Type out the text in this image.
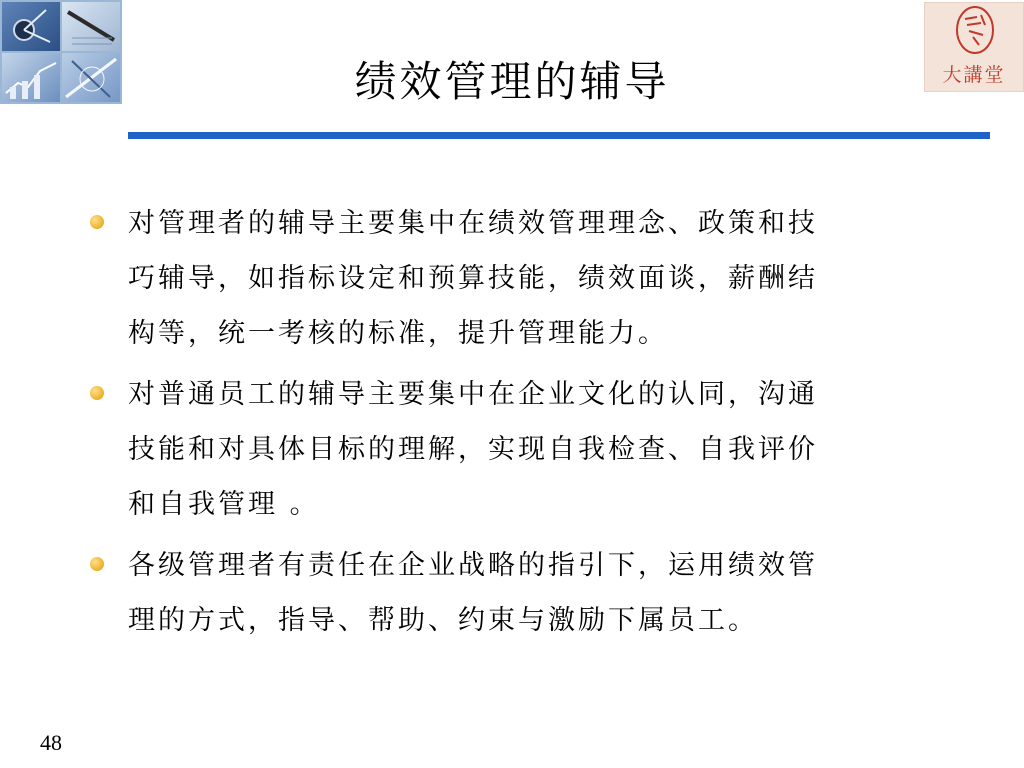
大講堂
绩效管理的辅导
对管理者的辅导主要集中在绩效管理理念、政策和技
巧辅导，如指标设定和预算技能，绩效面谈，薪酬结
构等，统一考核的标准，提升管理能力。
对普通员工的辅导主要集中在企业文化的认同，沟通
技能和对具体目标的理解，实现自我检查、自我评价
和自我管理 。
各级管理者有责任在企业战略的指引下，运用绩效管
理的方式，指导、帮助、约束与激励下属员工。
48
